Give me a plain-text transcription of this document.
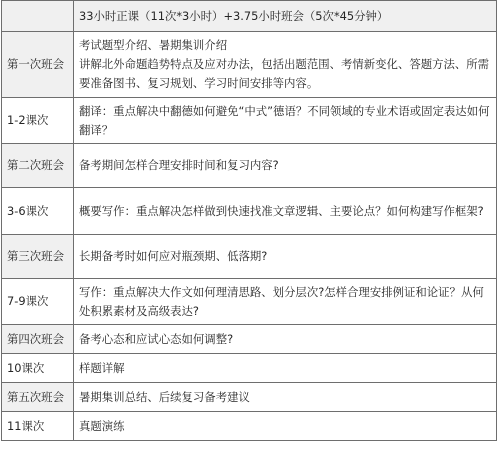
	33小时正课（11次*3小时）+3.75小时班会（5次*45分钟）
第一次班会	考试题型介绍、暑期集训介绍
讲解北外命题趋势特点及应对办法，包括出题范围、考情新变化、答题方法、所需要准备图书、复习规划、学习时间安排等内容。

1-2课次	翻译：重点解决中翻德如何避免“中式”德语？不同领域的专业术语或固定表达如何翻译？
第二次班会	备考期间怎样合理安排时间和复习内容?
3-6课次	概要写作：重点解决怎样做到快速找准文章逻辑、主要论点？如何构建写作框架?
第三次班会	长期备考时如何应对瓶颈期、低落期?
7-9课次	写作：重点解决大作文如何理清思路、划分层次?怎样合理安排例证和论证？从何处积累素材及高级表达?
第四次班会	备考心态和应试心态如何调整?
10课次	样题详解
第五次班会	暑期集训总结、后续复习备考建议
11课次	真题演练
